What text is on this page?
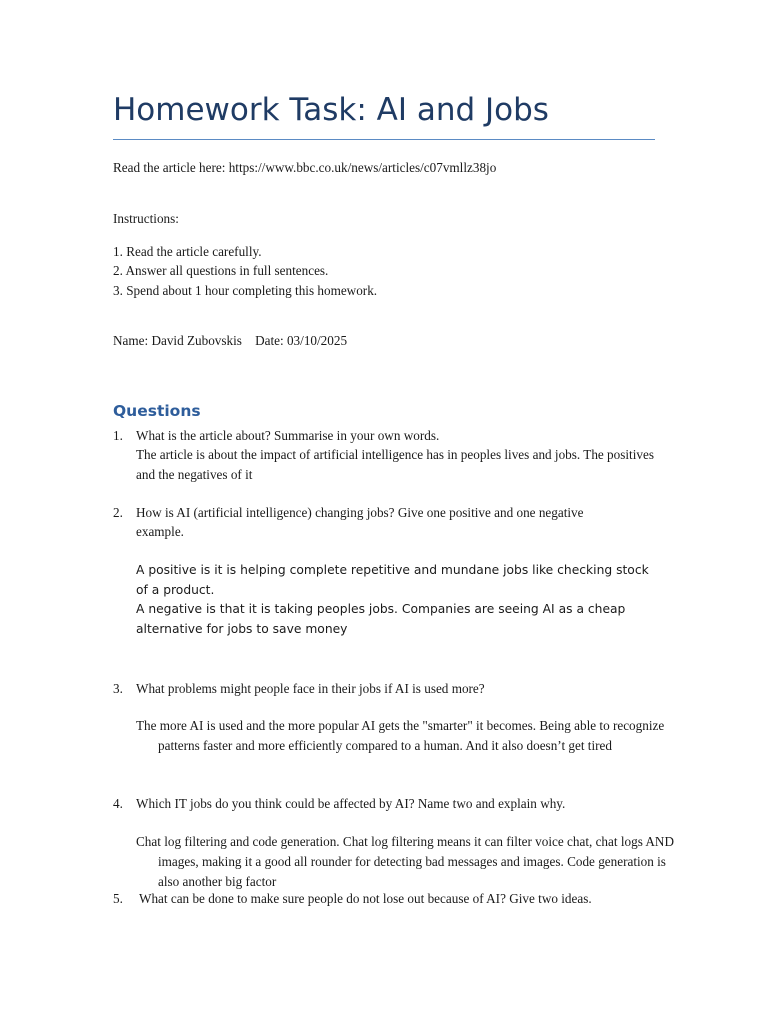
Homework Task: AI and Jobs
Read the article here: https://www.bbc.co.uk/news/articles/c07vmllz38jo
Instructions:
1. Read the article carefully.
2. Answer all questions in full sentences.
3. Spend about 1 hour completing this homework.
Name: David Zubovskis    Date: 03/10/2025
Questions
1. What is the article about? Summarise in your own words.
The article is about the impact of artificial intelligence has in peoples lives and jobs. The positives and the negatives of it
2. How is AI (artificial intelligence) changing jobs? Give one positive and one negative
example.
A positive is it is helping complete repetitive and mundane jobs like checking stock of a product.
A negative is that it is taking peoples jobs. Companies are seeing AI as a cheap alternative for jobs to save money
3. What problems might people face in their jobs if AI is used more?
The more AI is used and the more popular AI gets the "smarter" it becomes. Being able to recognize patterns faster and more efficiently compared to a human. And it also doesn’t get tired
4. Which IT jobs do you think could be affected by AI? Name two and explain why.
Chat log filtering and code generation. Chat log filtering means it can filter voice chat, chat logs AND images, making it a good all rounder for detecting bad messages and images. Code generation is also another big factor
5. What can be done to make sure people do not lose out because of AI? Give two ideas.
